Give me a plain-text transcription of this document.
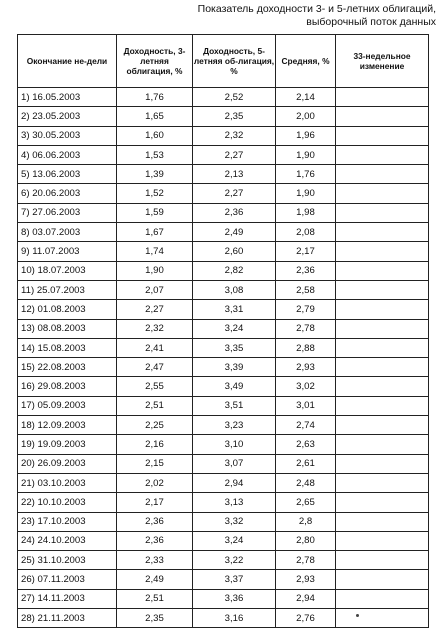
Показатель доходности 3- и 5-летних облигаций,
выборочный поток данных
Окончание не-дели	Доходность, 3-летняя облигация, %	Доходность, 5-летняя об-лигация, %	Средняя, %	33-недельное изменение
1) 16.05.2003	1,76	2,52	2,14	
2) 23.05.2003	1,65	2,35	2,00	
3) 30.05.2003	1,60	2,32	1,96	
4) 06.06.2003	1,53	2,27	1,90	
5) 13.06.2003	1,39	2,13	1,76	
6) 20.06.2003	1,52	2,27	1,90	
7) 27.06.2003	1,59	2,36	1,98	
8) 03.07.2003	1,67	2,49	2,08	
9) 11.07.2003	1,74	2,60	2,17	
10) 18.07.2003	1,90	2,82	2,36	
11) 25.07.2003	2,07	3,08	2,58	
12) 01.08.2003	2,27	3,31	2,79	
13) 08.08.2003	2,32	3,24	2,78	
14) 15.08.2003	2,41	3,35	2,88	
15) 22.08.2003	2,47	3,39	2,93	
16) 29.08.2003	2,55	3,49	3,02	
17) 05.09.2003	2,51	3,51	3,01	
18) 12.09.2003	2,25	3,23	2,74	
19) 19.09.2003	2,16	3,10	2,63	
20) 26.09.2003	2,15	3,07	2,61	
21) 03.10.2003	2,02	2,94	2,48	
22) 10.10.2003	2,17	3,13	2,65	
23) 17.10.2003	2,36	3,32	2,8	
24) 24.10.2003	2,36	3,24	2,80	
25) 31.10.2003	2,33	3,22	2,78	
26) 07.11.2003	2,49	3,37	2,93	
27) 14.11.2003	2,51	3,36	2,94	
28) 21.11.2003	2,35	3,16	2,76	
